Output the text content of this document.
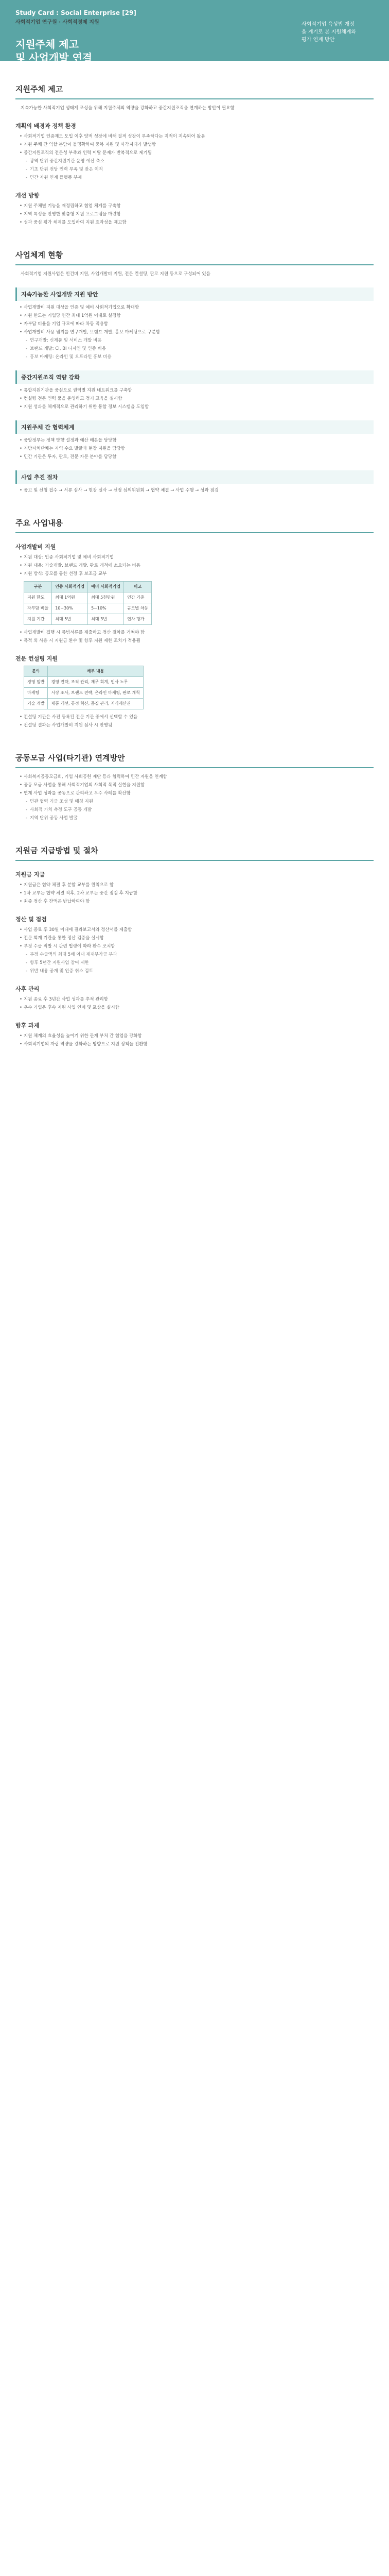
Study Card : Social Enterprise [29]
사회적기업 연구원 · 사회적경제 지원
지원주체 제고
및 사업개발 연결
사회적기업 육성법 개정을 계기로 본 지원체계와 평가 연계 방안
지원주체 제고
지속가능한 사회적기업 생태계 조성을 위해 지원주체의 역량을 강화하고 중간지원조직을 연계하는 방안이 필요함
계획의 배경과 정책 환경
• 사회적기업 인증제도 도입 이후 양적 성장에 비해 질적 성장이 부족하다는 지적이 지속되어 왔음
• 지원 주체 간 역할 분담이 불명확하여 중복 지원 및 사각지대가 발생함
• 중간지원조직의 전문성 부족과 인력 이탈 문제가 반복적으로 제기됨
- 광역 단위 중간지원기관 운영 예산 축소
- 기초 단위 전담 인력 부족 및 잦은 이직
- 민간 자원 연계 플랫폼 부재
개선 방향
• 지원 주체별 기능을 재정립하고 협업 체계를 구축함
• 지역 특성을 반영한 맞춤형 지원 프로그램을 마련함
• 성과 중심 평가 체계를 도입하여 지원 효과성을 제고함
사업체계 현황
사회적기업 지원사업은 인건비 지원, 사업개발비 지원, 전문 컨설팅, 판로 지원 등으로 구성되어 있음
지속가능한 사업개발 지원 방안
• 사업개발비 지원 대상을 인증 및 예비 사회적기업으로 확대함
• 지원 한도는 기업당 연간 최대 1억원 이내로 설정함
• 자부담 비율을 기업 규모에 따라 차등 적용함
• 사업개발비 사용 범위를 연구개발, 브랜드 개발, 홍보 마케팅으로 구분함
- 연구개발: 신제품 및 서비스 개발 비용
- 브랜드 개발: CI, BI 디자인 및 인증 비용
- 홍보 마케팅: 온라인 및 오프라인 홍보 비용
중간지원조직 역량 강화
• 통합지원기관을 중심으로 권역별 지원 네트워크를 구축함
• 컨설팅 전문 인력 풀을 운영하고 정기 교육을 실시함
• 지원 성과를 체계적으로 관리하기 위한 통합 정보 시스템을 도입함
지원주체 간 협력체계
• 중앙정부는 정책 방향 설정과 예산 배분을 담당함
• 지방자치단체는 지역 수요 발굴과 현장 지원을 담당함
• 민간 기관은 투자, 판로, 전문 자문 분야를 담당함
사업 추진 절차
• 공고 및 신청 접수 → 서류 심사 → 현장 실사 → 선정 심의위원회 → 협약 체결 → 사업 수행 → 성과 점검
주요 사업내용
사업개발비 지원
• 지원 대상: 인증 사회적기업 및 예비 사회적기업
• 지원 내용: 기술개발, 브랜드 개발, 판로 개척에 소요되는 비용
• 지원 방식: 공모를 통한 선정 후 보조금 교부
구분	인증 사회적기업	예비 사회적기업	비고
지원 한도	최대 1억원	최대 5천만원	연간 기준
자부담 비율	10~30%	5~10%	규모별 차등
지원 기간	최대 5년	최대 3년	연차 평가
• 사업개발비 집행 시 증빙서류를 제출하고 정산 절차를 거쳐야 함
• 목적 외 사용 시 지원금 환수 및 향후 지원 제한 조치가 적용됨
전문 컨설팅 지원
분야	세부 내용
경영 일반	경영 전략, 조직 관리, 재무 회계, 인사 노무
마케팅	시장 조사, 브랜드 전략, 온라인 마케팅, 판로 개척
기술 개발	제품 개선, 공정 혁신, 품질 관리, 지식재산권
• 컨설팅 기관은 사전 등록된 전문 기관 중에서 선택할 수 있음
• 컨설팅 결과는 사업개발비 지원 심사 시 반영됨
공동모금 사업(타기관) 연계방안
• 사회복지공동모금회, 기업 사회공헌 재단 등과 협력하여 민간 자원을 연계함
• 공동 모금 사업을 통해 사회적기업의 사회적 목적 실현을 지원함
• 연계 사업 성과를 공동으로 관리하고 우수 사례를 확산함
- 민관 협력 기금 조성 및 매칭 지원
- 사회적 가치 측정 도구 공동 개발
- 지역 단위 공동 사업 발굴
지원금 지급방법 및 절차
지원금 지급
• 지원금은 협약 체결 후 분할 교부를 원칙으로 함
• 1차 교부는 협약 체결 직후, 2차 교부는 중간 점검 후 지급함
• 최종 정산 후 잔액은 반납하여야 함
정산 및 점검
• 사업 종료 후 30일 이내에 결과보고서와 정산서를 제출함
• 전문 회계 기관을 통한 정산 검증을 실시함
• 부정 수급 적발 시 관련 법령에 따라 환수 조치함
- 부정 수급액의 최대 5배 이내 제재부가금 부과
- 향후 5년간 지원사업 참여 제한
- 위반 내용 공개 및 인증 취소 검토
사후 관리
• 지원 종료 후 3년간 사업 성과를 추적 관리함
• 우수 기업은 후속 지원 사업 연계 및 포상을 실시함
향후 과제
• 지원 체계의 효율성을 높이기 위한 관계 부처 간 협업을 강화함
• 사회적기업의 자립 역량을 강화하는 방향으로 지원 정책을 전환함
